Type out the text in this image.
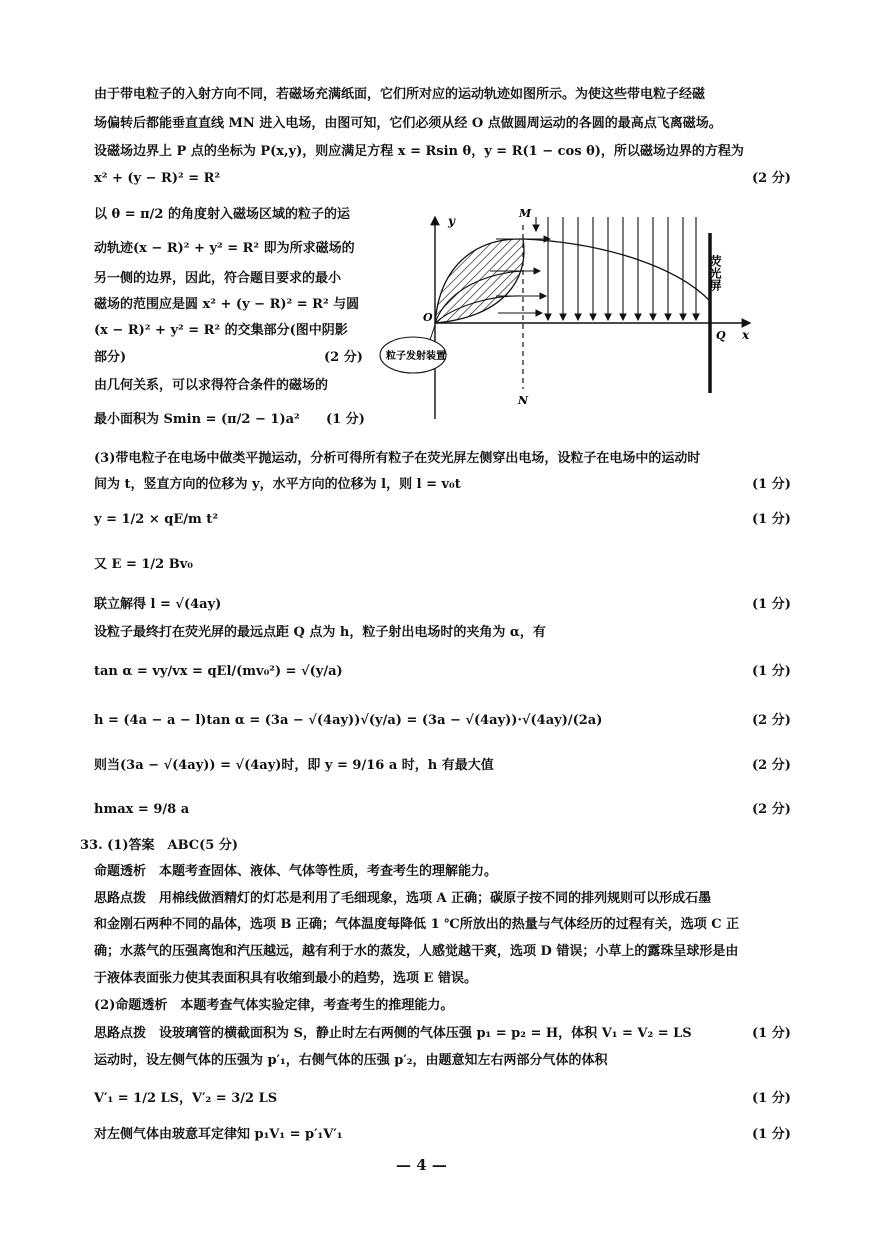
由于带电粒子的入射方向不同，若磁场充满纸面，它们所对应的运动轨迹如图所示。为使这些带电粒子经磁
场偏转后都能垂直直线 MN 进入电场，由图可知，它们必须从经 O 点做圆周运动的各圆的最高点飞离磁场。
设磁场边界上 P 点的坐标为 P(x,y)，则应满足方程 x = Rsin θ，y = R(1 − cos θ)，所以磁场边界的方程为
x² + (y − R)² = R²	(2 分)
以 θ = π/2 的角度射入磁场区域的粒子的运
动轨迹(x − R)² + y² = R² 即为所求磁场的
另一侧的边界，因此，符合题目要求的最小
磁场的范围应是圆 x² + (y − R)² = R² 与圆
(x − R)² + y² = R² 的交集部分(图中阴影
部分)	(2 分)
由几何关系，可以求得符合条件的磁场的
最小面积为 Smin = (π/2 − 1)a² (1 分)
y
x
M
N
荧光屏
Q
O
粒子发射装置
(3)带电粒子在电场中做类平抛运动，分析可得所有粒子在荧光屏左侧穿出电场，设粒子在电场中的运动时
间为 t，竖直方向的位移为 y，水平方向的位移为 l，则 l = v₀t	(1 分)
y = 1/2 × qE/m t²	(1 分)
又 E = 1/2 Bv₀
联立解得 l = √(4ay)	(1 分)
设粒子最终打在荧光屏的最远点距 Q 点为 h，粒子射出电场时的夹角为 α，有
tan α = vy/vx = qEl/(mv₀²) = √(y/a)	(1 分)
h = (4a − a − l)tan α = (3a − √(4ay))√(y/a) = (3a − √(4ay))·√(4ay)/(2a)	(2 分)
则当(3a − √(4ay)) = √(4ay)时，即 y = 9/16 a 时，h 有最大值	(2 分)
hmax = 9/8 a	(2 分)
33. (1)答案　ABC(5 分)
命题透析　本题考查固体、液体、气体等性质，考查考生的理解能力。
思路点拨　用棉线做酒精灯的灯芯是利用了毛细现象，选项 A 正确；碳原子按不同的排列规则可以形成石墨
和金刚石两种不同的晶体，选项 B 正确；气体温度每降低 1 ℃所放出的热量与气体经历的过程有关，选项 C 正
确；水蒸气的压强离饱和汽压越远，越有利于水的蒸发，人感觉越干爽，选项 D 错误；小草上的露珠呈球形是由
于液体表面张力使其表面积具有收缩到最小的趋势，选项 E 错误。
(2)命题透析　本题考查气体实验定律，考查考生的推理能力。
思路点拨　设玻璃管的横截面积为 S，静止时左右两侧的气体压强 p₁ = p₂ = H，体积 V₁ = V₂ = LS	(1 分)
运动时，设左侧气体的压强为 p′₁，右侧气体的压强 p′₂，由题意知左右两部分气体的体积
V′₁ = 1/2 LS，V′₂ = 3/2 LS	(1 分)
对左侧气体由玻意耳定律知 p₁V₁ = p′₁V′₁	(1 分)
— 4 —
